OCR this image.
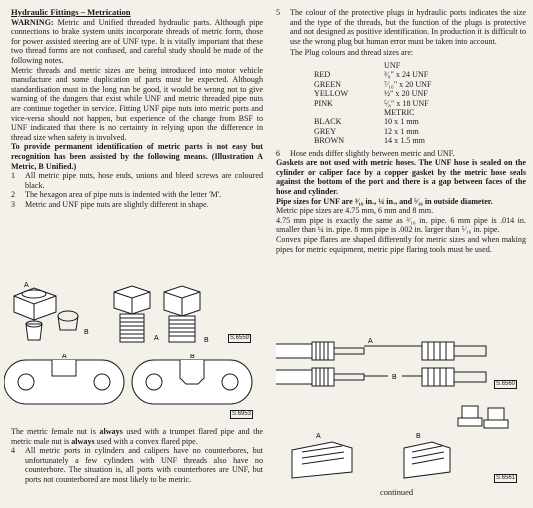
Hydraulic Fittings – Metrication

WARNING: Metric and Unified threaded hydraulic parts. Although pipe connections to brake system units incorporate threads of metric form, those for power assisted steering are of UNF type. It is vitally important that these two thread forms are not confused, and careful study should be made of the following notes.

Metric threads and metric sizes are being introduced into motor vehicle manufacture and some duplication of parts must be expected. Although standardisation must in the long run be good, it would be wrong not to give warning of the dangers that exist while UNF and metric threaded pipe nuts are continue together in service. Fitting UNF pipe nuts into metric ports and vice-versa should not happen, but experience of the change from BSF to UNF indicated that there is no certainty in relying upon the difference in thread size when safety is involved.

To provide permanent identification of metric parts is not easy but recognition has been assisted by the following means. (Illustration A Metric, B Unified.)

1	All metric pipe nuts, hose ends, unions and bleed screws are coloured black.
2	The hexagon area of pipe nuts is indented with the letter 'M'.
3	Metric and UNF pipe nuts are slightly different in shape.
A
B
A	B	S.6559
A	B
S.6953

The metric female nut is always used with a trumpet flared pipe and the metric male nut is always used with a convex flared pipe.

4	All metric ports in cylinders and calipers have no counterbores, but unfortunately a few cylinders with UNF threads also have no counterbore. The situation is, all ports with counterbores are UNF, but ports not counterbored are most likely to be metric.
5	The colour of the protective plugs in hydraulic ports indicates the size and the type of the threads, but the function of the plugs is protective and not designed as positive identification. In production it is difficult to use the wrong plug but human error must be taken into account.

The Plug colours and thread sizes are:

UNF
RED	³⁄₈" x 24 UNF
GREEN	⁷⁄₁₆" x 20 UNF
YELLOW	½" x 20 UNF
PINK	⁵⁄₈" x 18 UNF
METRIC
BLACK	10 x 1 mm
GREY	12 x 1 mm
BROWN	14 x 1.5 mm
6	Hose ends differ slightly between metric and UNF.

Gaskets are not used with metric hoses. The UNF hose is sealed on the cylinder or caliper face by a copper gasket by the metric hose seals against the bottom of the port and there is a gap between faces of the hose and cylinder.

Pipe sizes for UNF are ³⁄₁₆ in., ¼ in., and ⁵⁄₁₆ in outside diameter.

Metric pipe sizes are 4.75 mm, 6 mm and 8 mm.

4.75 mm pipe is exactly the same as ³⁄₁₆ in. pipe. 6 mm pipe is .014 in. smaller than ¼ in. pipe. 8 mm pipe is .002 in. larger than ⁵⁄₁₆ in. pipe.

Convex pipe flares are shaped differently for metric sizes and when making pipes for metric equipment, metric pipe flaring tools must be used.

A
B
S.6560
A	B
S.6561
continued
